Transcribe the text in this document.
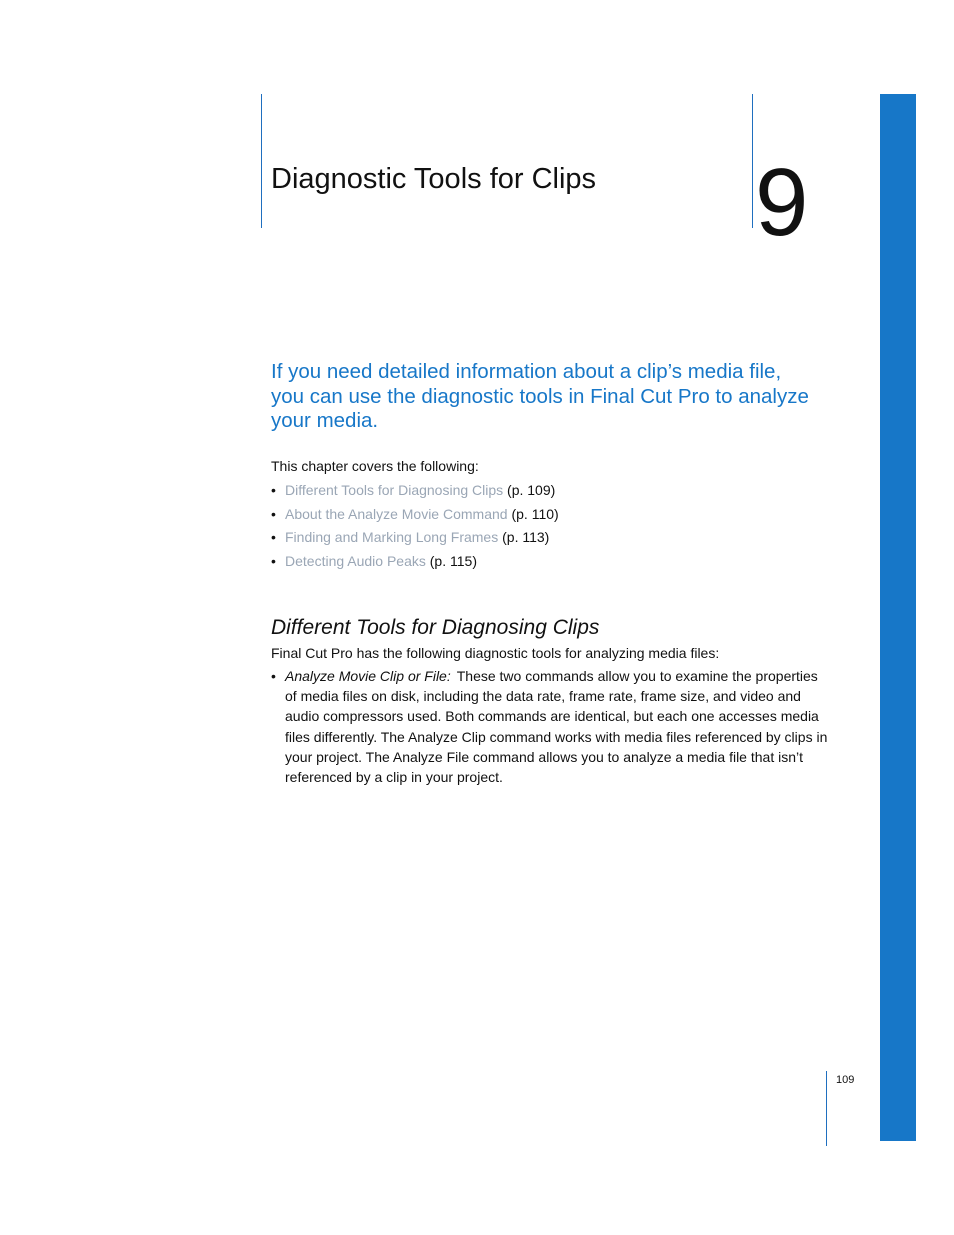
Diagnostic Tools for Clips 9
If you need detailed information about a clip’s media file, you can use the diagnostic tools in Final Cut Pro to analyze your media.
This chapter covers the following:
• Different Tools for Diagnosing Clips (p. 109)
• About the Analyze Movie Command (p. 110)
• Finding and Marking Long Frames (p. 113)
• Detecting Audio Peaks (p. 115)
Different Tools for Diagnosing Clips
Final Cut Pro has the following diagnostic tools for analyzing media files:
• Analyze Movie Clip or File: These two commands allow you to examine the properties of media files on disk, including the data rate, frame rate, frame size, and video and audio compressors used. Both commands are identical, but each one accesses media files differently. The Analyze Clip command works with media files referenced by clips in your project. The Analyze File command allows you to analyze a media file that isn’t referenced by a clip in your project.
109
